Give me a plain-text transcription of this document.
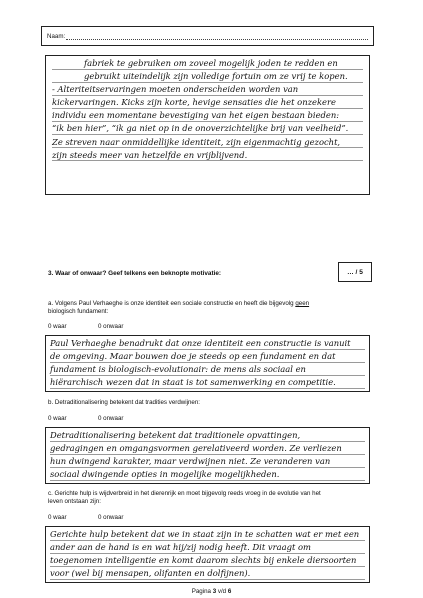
Naam:
fabriek te gebruiken om zoveel mogelijk joden te redden en
gebruikt uiteindelijk zijn volledige fortuin om ze vrij te kopen.
- Alteriteitservaringen moeten onderscheiden worden van
kickervaringen. Kicks zijn korte, hevige sensaties die het onzekere
individu een momentane bevestiging van het eigen bestaan bieden:
“ik ben hier”, “ik ga niet op in de onoverzichtelijke brij van veelheid”.
Ze streven naar onmiddellijke identiteit, zijn eigenmachtig gezocht,
zijn steeds meer van hetzelfde en vrijblijvend.
3. Waar of onwaar? Geef telkens een beknopte motivatie:	… / 5
a. Volgens Paul Verhaeghe is onze identiteit een sociale constructie en heeft die bijgevolg geen
biologisch fundament:
0 waar	0 onwaar
Paul Verhaeghe benadrukt dat onze identiteit een constructie is vanuit
de omgeving. Maar bouwen doe je steeds op een fundament en dat
fundament is biologisch-evolutionair: de mens als sociaal en
hiërarchisch wezen dat in staat is tot samenwerking en competitie.
b. Detraditionalisering betekent dat tradities verdwijnen:
0 waar	0 onwaar
Detraditionalisering betekent dat traditionele opvattingen,
gedragingen en omgangsvormen gerelativeerd worden. Ze verliezen
hun dwingend karakter, maar verdwijnen niet. Ze veranderen van
sociaal dwingende opties in mogelijke mogelijkheden.
c. Gerichte hulp is wijdverbreid in het dierenrijk en moet bijgevolg reeds vroeg in de evolutie van het
leven ontstaan zijn:
0 waar	0 onwaar
Gerichte hulp betekent dat we in staat zijn in te schatten wat er met een
ander aan de hand is en wat hij/zij nodig heeft. Dit vraagt om
toegenomen intelligentie en komt daarom slechts bij enkele diersoorten
voor (wel bij mensapen, olifanten en dolfijnen).
Pagina 3 v/d 6
